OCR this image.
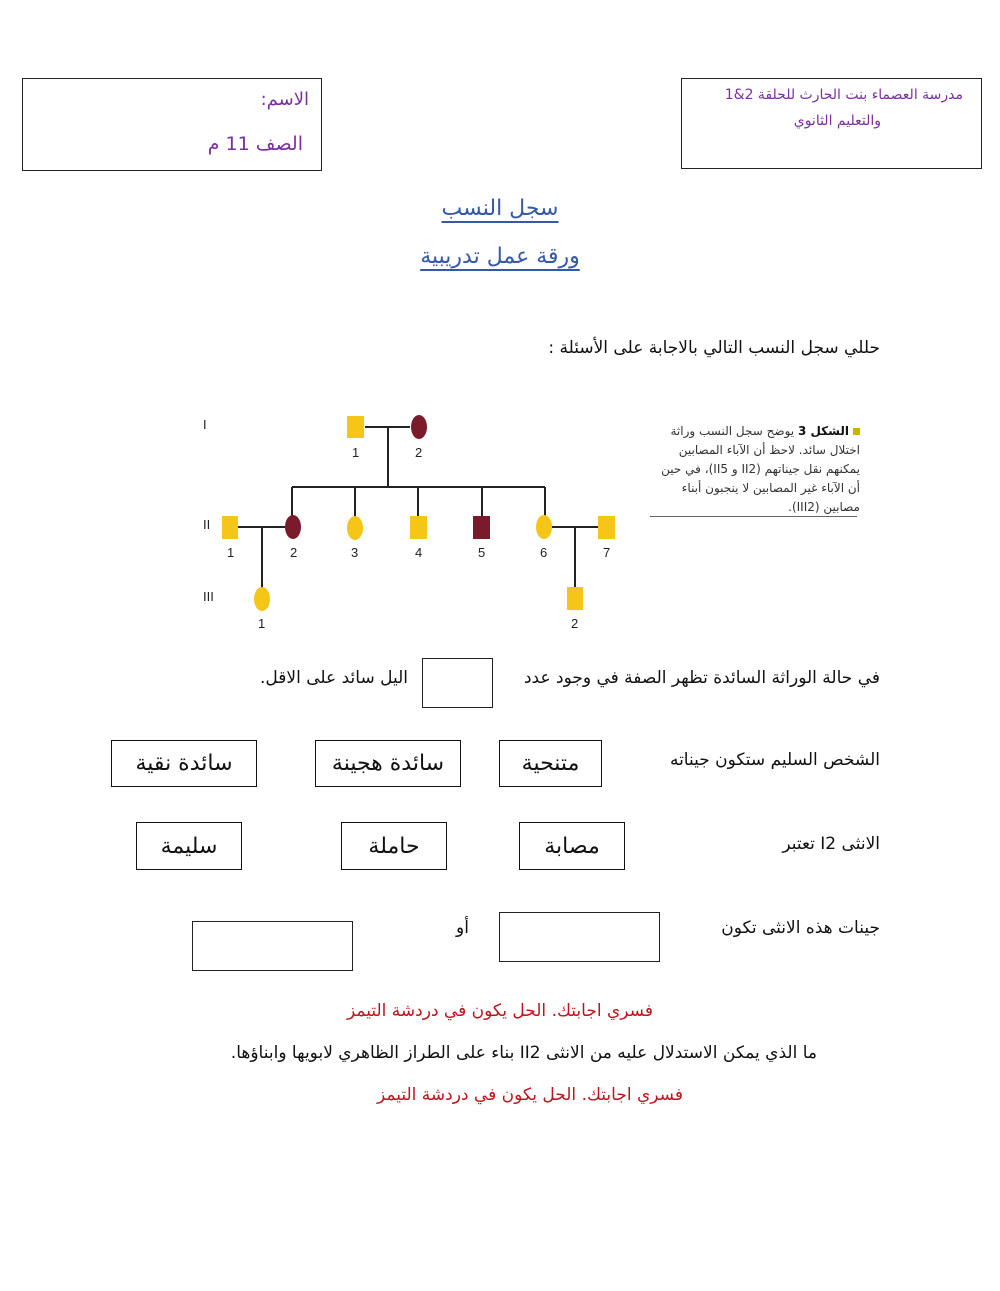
الاسم:
الصف 11 م
مدرسة العصماء بنت الحارث للحلقة 2&1
والتعليم الثانوي
سجل النسب
ورقة عمل تدريبية
حللي سجل النسب التالي بالاجابة على الأسئلة :
I
II
III
1	2
1	2	3	4	5	6	7
1	2
الشكل 3 يوضح سجل النسب وراثة اختلال سائد. لاحظ أن الآباء المصابين يمكنهم نقل جيناتهم (II2 و II5)، في حين أن الآباء غير المصابين لا ينجبون أبناء مصابين (III2).
في حالة الوراثة السائدة تظهر الصفة في وجود عدد
اليل سائد على الاقل.
الشخص السليم ستكون جيناته
متنحية
سائدة هجينة
سائدة نقية
الانثى I2 تعتبر
مصابة
حاملة
سليمة
جينات هذه الانثى تكون
أو
فسري اجابتك. الحل يكون في دردشة التيمز
ما الذي يمكن الاستدلال عليه من الانثى II2 بناء على الطراز الظاهري لابويها وابناؤها.
فسري اجابتك. الحل يكون في دردشة التيمز
